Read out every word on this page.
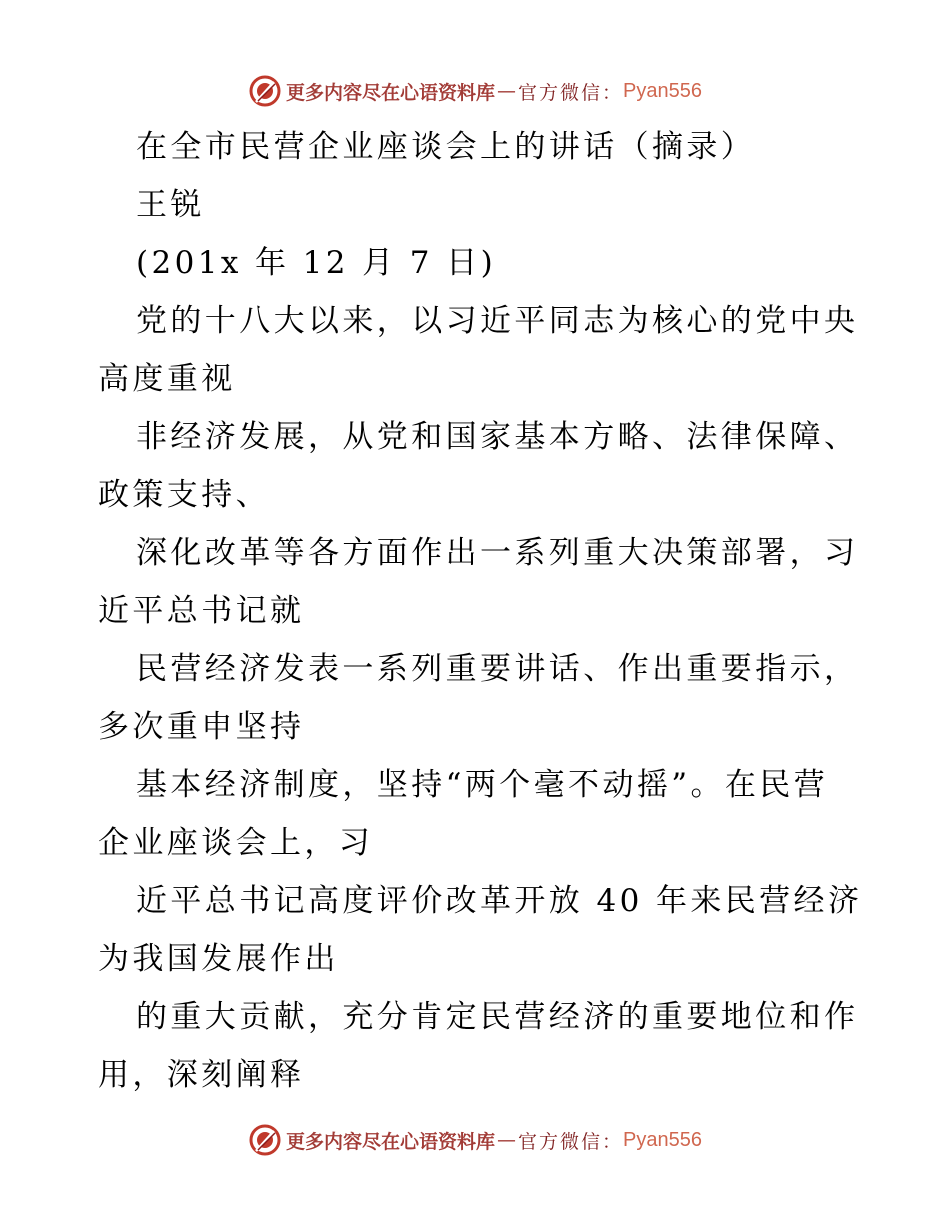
更多内容尽在心语资料库 — 官方微信： Pyan556
在全市民营企业座谈会上的讲话（摘录）
王锐
(201x 年 12 月 7 日)
党的十八大以来，以习近平同志为核心的党中央
高度重视
非经济发展，从党和国家基本方略、法律保障、
政策支持、
深化改革等各方面作出一系列重大决策部署，习
近平总书记就
民营经济发表一系列重要讲话、作出重要指示，
多次重申坚持
基本经济制度，坚持“两个毫不动摇”。在民营
企业座谈会上，习
近平总书记高度评价改革开放 40 年来民营经济
为我国发展作出
的重大贡献，充分肯定民营经济的重要地位和作
用，深刻阐释
更多内容尽在心语资料库 — 官方微信： Pyan556
